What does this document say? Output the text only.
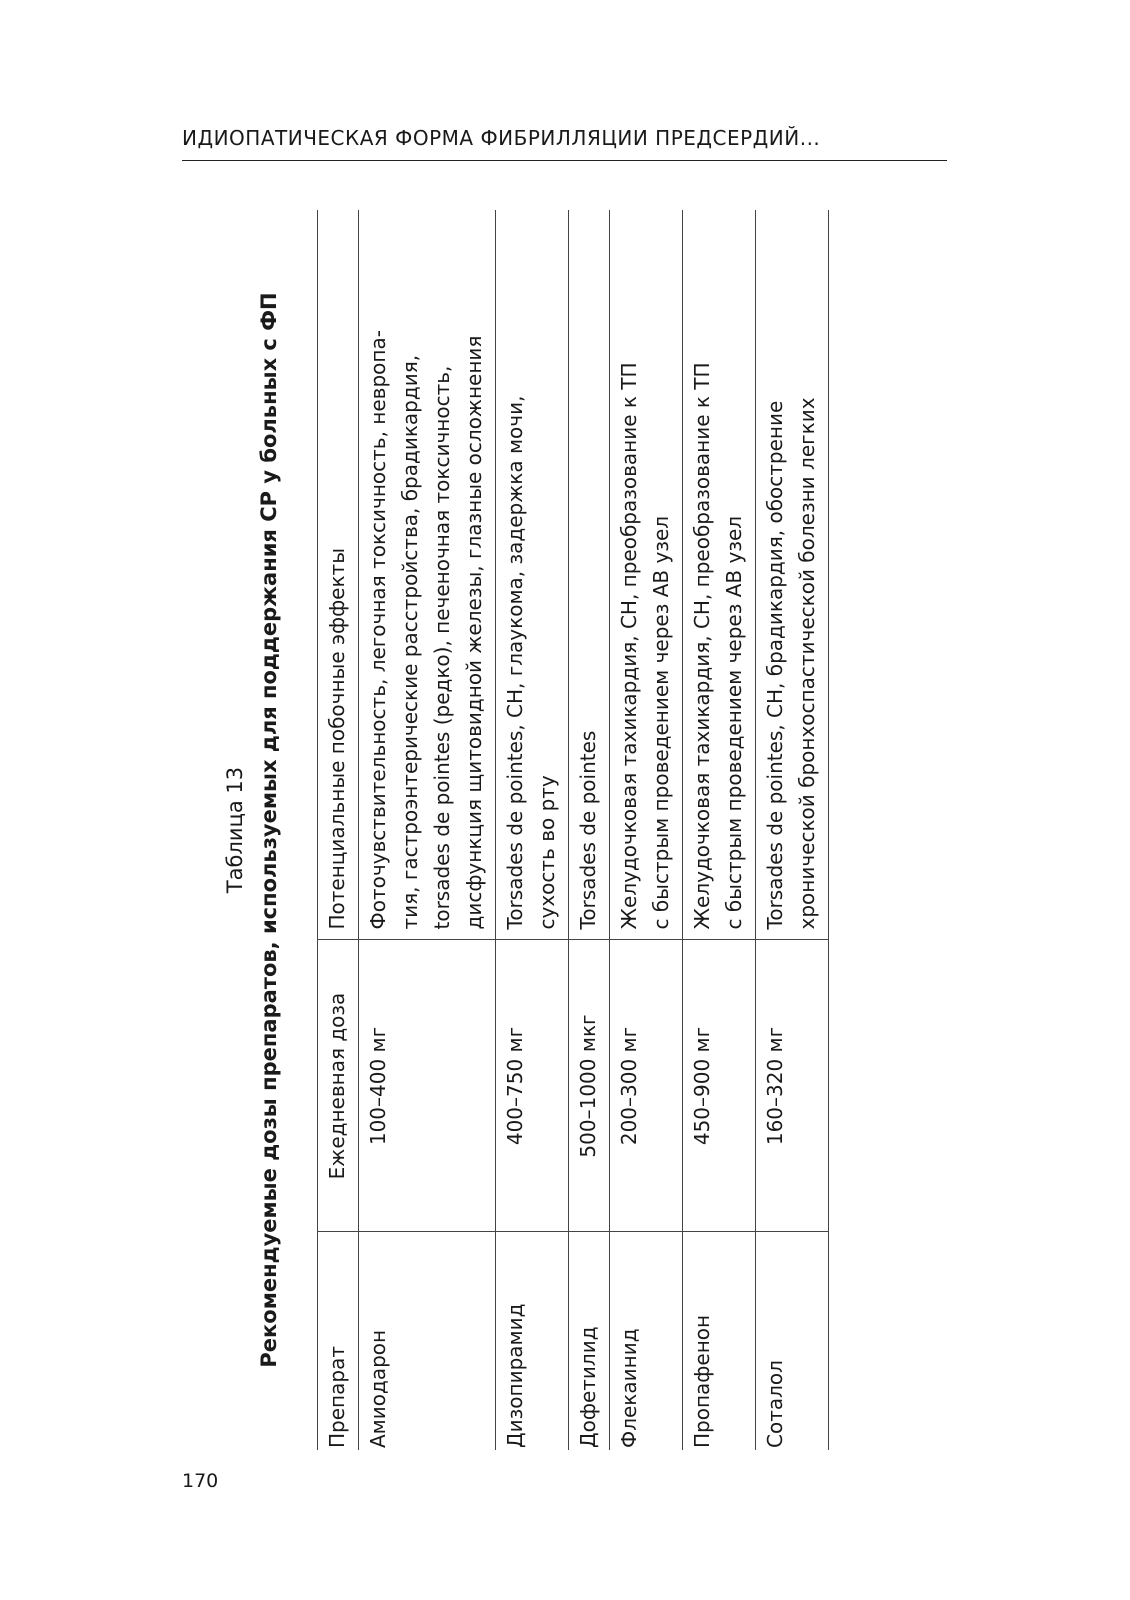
ИДИОПАТИЧЕСКАЯ ФОРМА ФИБРИЛЛЯЦИИ ПРЕДСЕРДИЙ...
170
Таблица 13 Рекомендуемые дозы препаратов, используемых для поддержания СР у больных с ФП
Препарат	Ежедневная доза	Потенциальные побочные эффекты
Амиодарон	100–400 мг	Фоточувствительность, легочная токсичность, невропа- тия, гастроэнтерические расстройства, брадикардия, torsades de pointes (редко), печеночная токсичность, дисфункция щитовидной железы, глазные осложнения

Дизопирамид	400–750 мг	Torsades de pointes, СН, глаукома, задержка мочи, сухость во рту

Дофетилид	500–1000 мкг	Torsades de pointes

Флекаинид	200–300 мг	Желудочковая тахикардия, СН, преобразование к ТП с быстрым проведением через АВ узел

Пропафенон	450–900 мг	Желудочковая тахикардия, СН, преобразование к ТП с быстрым проведением через АВ узел

Соталол	160–320 мг	Torsades de pointes, СН, брадикардия, обострение хронической бронхоспастической болезни легких
